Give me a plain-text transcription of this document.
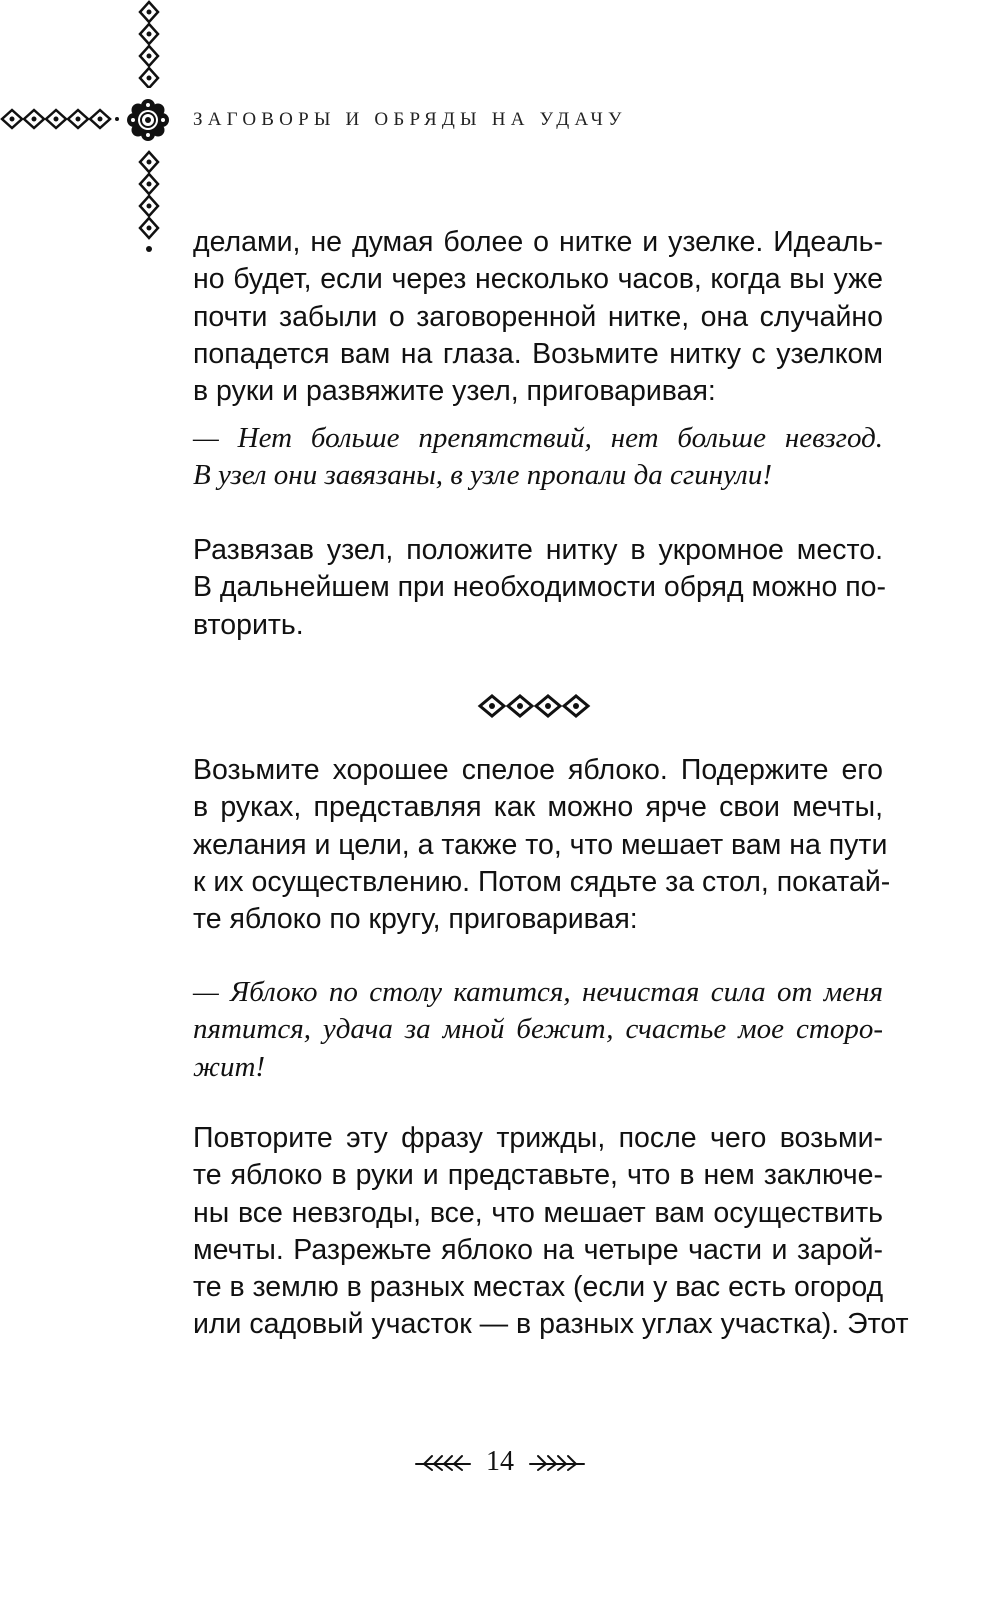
ЗАГОВОРЫ И ОБРЯДЫ НА УДАЧУ
делами, не думая более о нитке и узелке. Идеаль-
но будет, если через несколько часов, когда вы уже
почти забыли о заговоренной нитке, она случайно
попадется вам на глаза. Возьмите нитку с узелком
в руки и развяжите узел, приговаривая:
— Нет больше препятствий, нет больше невзгод.
В узел они завязаны, в узле пропали да сгинули!
Развязав узел, положите нитку в укромное место.
В дальнейшем при необходимости обряд можно по-
вторить.
Возьмите хорошее спелое яблоко. Подержите его
в руках, представляя как можно ярче свои мечты,
желания и цели, а также то, что мешает вам на пути
к их осуществлению. Потом сядьте за стол, покатай-
те яблоко по кругу, приговаривая:
— Яблоко по столу катится, нечистая сила от меня
пятится, удача за мной бежит, счастье мое сторо-
жит!
Повторите эту фразу трижды, после чего возьми-
те яблоко в руки и представьте, что в нем заключе-
ны все невзгоды, все, что мешает вам осуществить
мечты. Разрежьте яблоко на четыре части и зарой-
те в землю в разных местах (если у вас есть огород
или садовый участок — в разных углах участка). Этот
14
